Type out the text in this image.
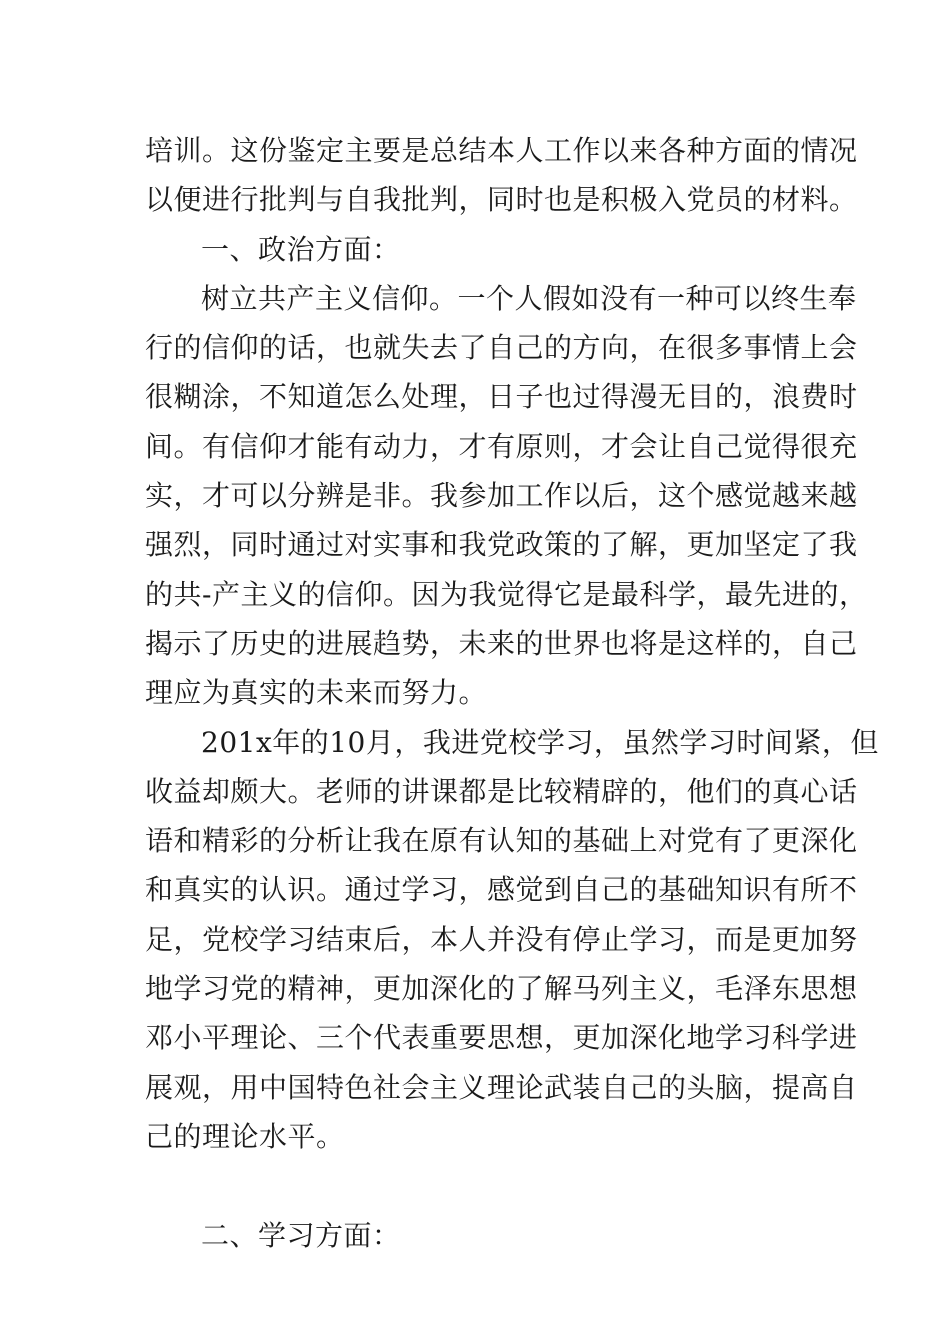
培训。这份鉴定主要是总结本人工作以来各种方面的情况

以便进行批判与自我批判，同时也是积极入党员的材料。

一、政治方面：

树立共产主义信仰。一个人假如没有一种可以终生奉

行的信仰的话，也就失去了自己的方向，在很多事情上会

很糊涂，不知道怎么处理，日子也过得漫无目的，浪费时

间。有信仰才能有动力，才有原则，才会让自己觉得很充

实，才可以分辨是非。我参加工作以后，这个感觉越来越

强烈，同时通过对实事和我党政策的了解，更加坚定了我

的共-产主义的信仰。因为我觉得它是最科学，最先进的，

揭示了历史的进展趋势，未来的世界也将是这样的，自己

理应为真实的未来而努力。

201x年的10月，我进党校学习，虽然学习时间紧，但

收益却颇大。老师的讲课都是比较精辟的，他们的真心话

语和精彩的分析让我在原有认知的基础上对党有了更深化

和真实的认识。通过学习，感觉到自己的基础知识有所不

足，党校学习结束后，本人并没有停止学习，而是更加努

地学习党的精神，更加深化的了解马列主义，毛泽东思想

邓小平理论、三个代表重要思想，更加深化地学习科学进

展观，用中国特色社会主义理论武装自己的头脑，提高自

己的理论水平。

二、学习方面：
